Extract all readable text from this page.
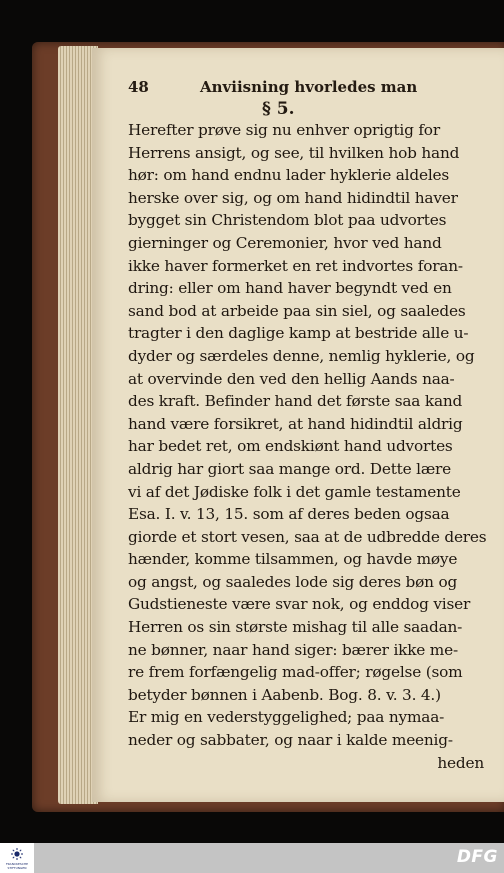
48	Anviisning hvorledes man
§ 5.
Herefter prøve sig nu enhver oprigtig for
Herrens ansigt, og see, til hvilken hob hand
hør: om hand endnu lader hyklerie aldeles
herske over sig, og om hand hidindtil haver
bygget sin Christendom blot paa udvortes
gierninger og Ceremonier, hvor ved hand
ikke haver formerket en ret indvortes foran-
dring: eller om hand haver begyndt ved en
sand bod at arbeide paa sin siel, og saaledes
tragter i den daglige kamp at bestride alle u-
dyder og særdeles denne, nemlig hyklerie, og
at overvinde den ved den hellig Aands naa-
des kraft. Befinder hand det første saa kand
hand være forsikret, at hand hidindtil aldrig
har bedet ret, om endskiønt hand udvortes
aldrig har giort saa mange ord. Dette lære
vi af det Jødiske folk i det gamle testamente
Esa. I. v. 13, 15. som af deres beden ogsaa
giorde et stort vesen, saa at de udbredde deres
hænder, komme tilsammen, og havde møye
og angst, og saaledes lode sig deres bøn og
Gudstieneste være svar nok, og enddog viser
Herren os sin største mishag til alle saadan-
ne bønner, naar hand siger: bærer ikke me-
re frem forfængelig mad-offer; røgelse (som
betyder bønnen i Aabenb. Bog. 8. v. 3. 4.)
Er mig en vederstyggelighed; paa nymaa-
neder og sabbater, og naar i kalde meenig-
heden
FRANCKESCHE STIFTUNGEN
DFG
